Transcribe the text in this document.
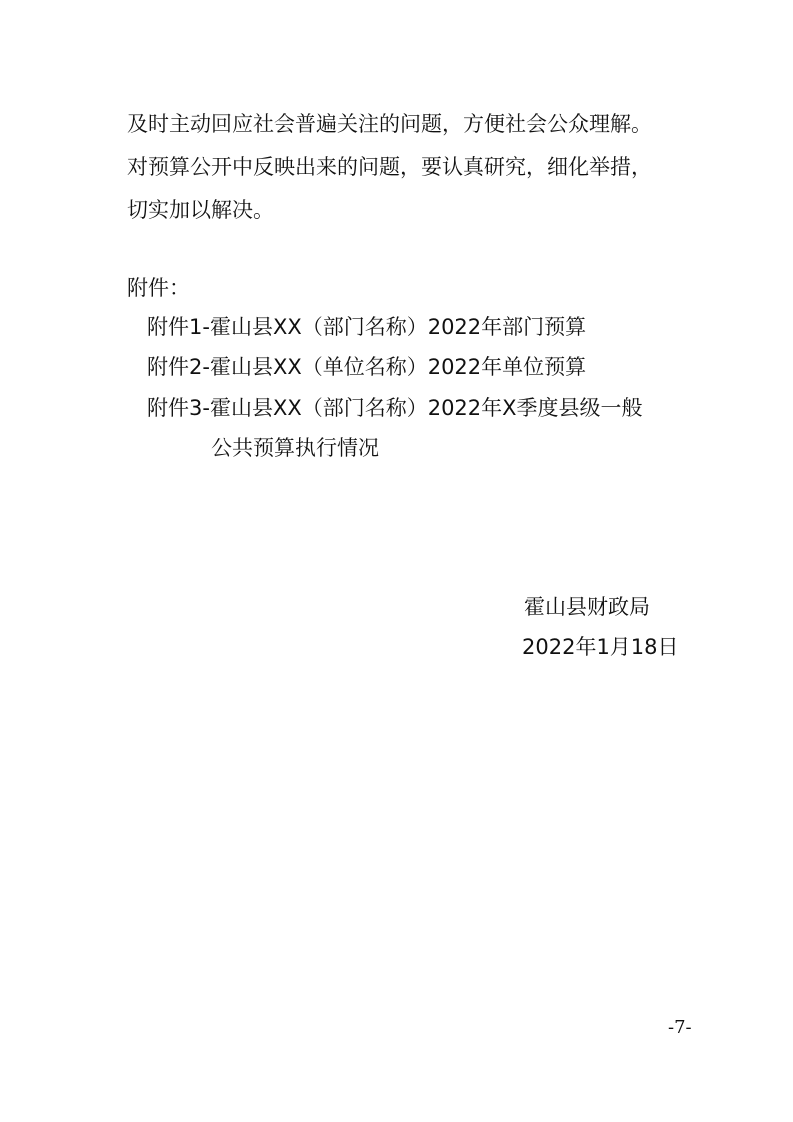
及时主动回应社会普遍关注的问题，方便社会公众理解。
对预算公开中反映出来的问题，要认真研究，细化举措，
切实加以解决。
附件：
附件1-霍山县XX（部门名称）2022年部门预算
附件2-霍山县XX（单位名称）2022年单位预算
附件3-霍山县XX（部门名称）2022年X季度县级一般
公共预算执行情况
霍山县财政局
2022年1月18日
-7-
